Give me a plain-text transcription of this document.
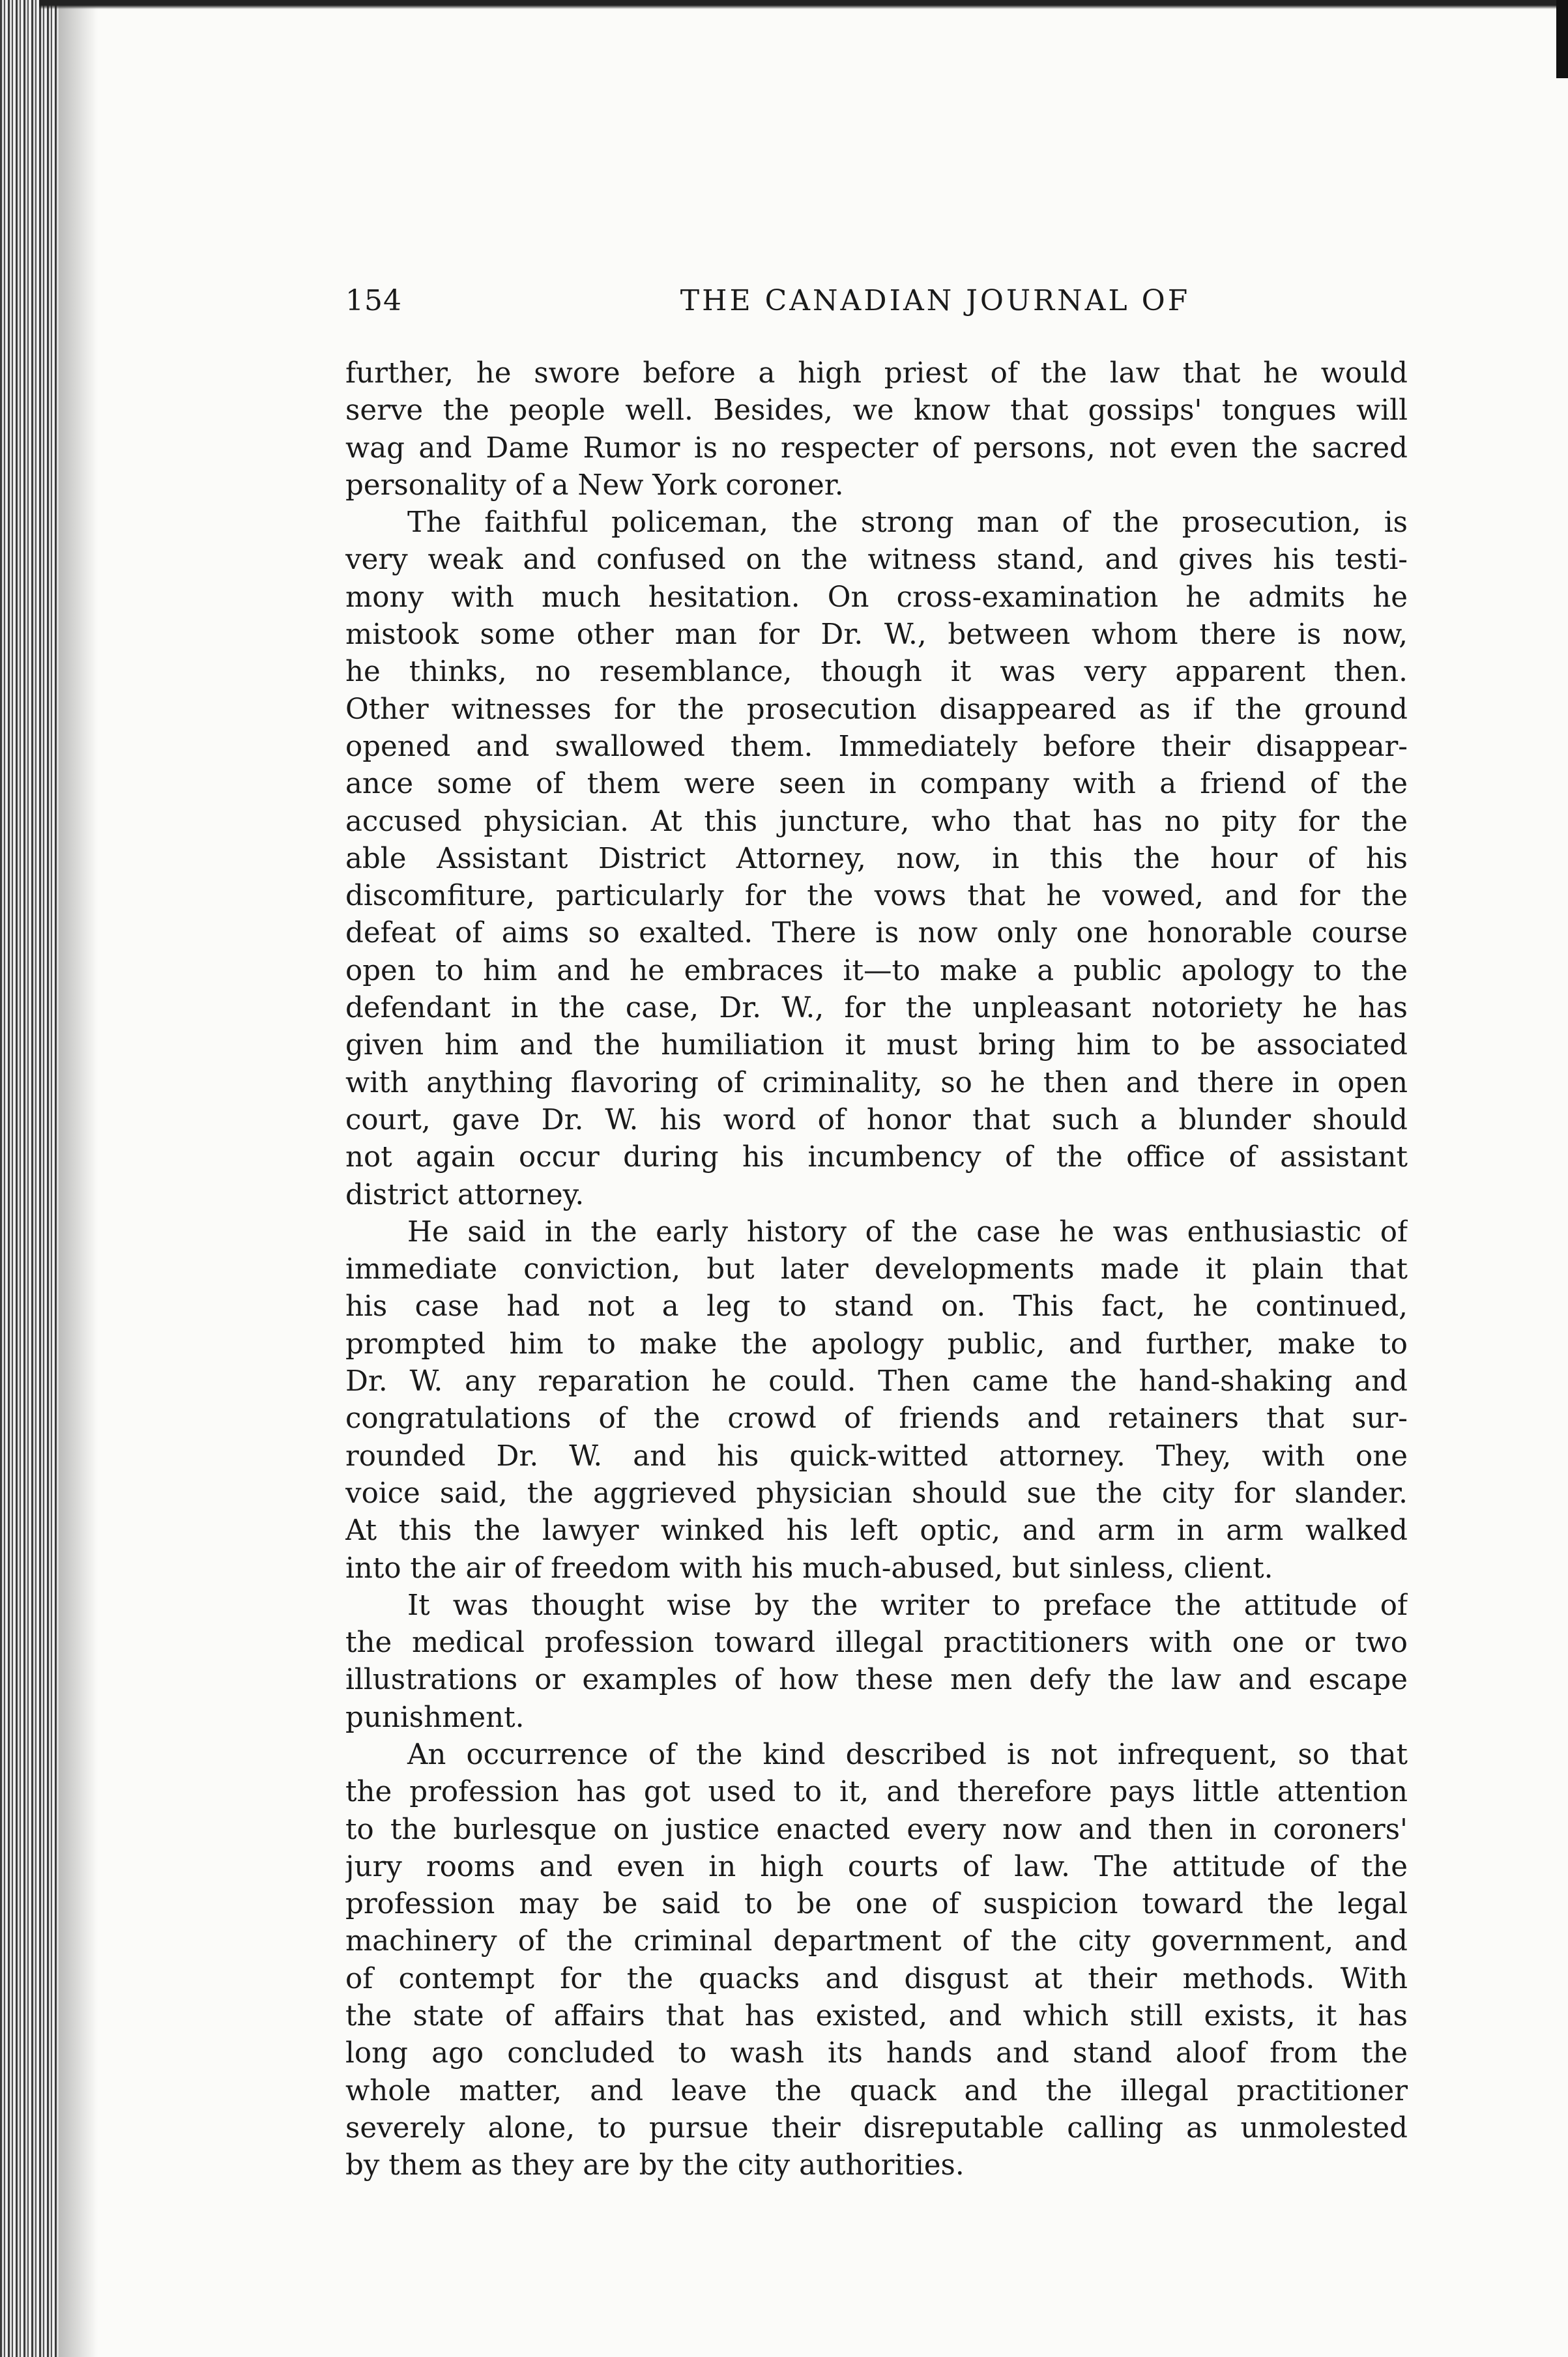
154	THE CANADIAN JOURNAL OF
further, he swore before a high priest of the law that he would
serve the people well. Besides, we know that gossips' tongues will
wag and Dame Rumor is no respecter of persons, not even the sacred
personality of a New York coroner.
The faithful policeman, the strong man of the prosecution, is
very weak and confused on the witness stand, and gives his testi-
mony with much hesitation. On cross-examination he admits he
mistook some other man for Dr. W., between whom there is now,
he thinks, no resemblance, though it was very apparent then.
Other witnesses for the prosecution disappeared as if the ground
opened and swallowed them. Immediately before their disappear-
ance some of them were seen in company with a friend of the
accused physician. At this juncture, who that has no pity for the
able Assistant District Attorney, now, in this the hour of his
discomfiture, particularly for the vows that he vowed, and for the
defeat of aims so exalted. There is now only one honorable course
open to him and he embraces it—to make a public apology to the
defendant in the case, Dr. W., for the unpleasant notoriety he has
given him and the humiliation it must bring him to be associated
with anything flavoring of criminality, so he then and there in open
court, gave Dr. W. his word of honor that such a blunder should
not again occur during his incumbency of the office of assistant
district attorney.
He said in the early history of the case he was enthusiastic of
immediate conviction, but later developments made it plain that
his case had not a leg to stand on. This fact, he continued,
prompted him to make the apology public, and further, make to
Dr. W. any reparation he could. Then came the hand-shaking and
congratulations of the crowd of friends and retainers that sur-
rounded Dr. W. and his quick-witted attorney. They, with one
voice said, the aggrieved physician should sue the city for slander.
At this the lawyer winked his left optic, and arm in arm walked
into the air of freedom with his much-abused, but sinless, client.
It was thought wise by the writer to preface the attitude of
the medical profession toward illegal practitioners with one or two
illustrations or examples of how these men defy the law and escape
punishment.
An occurrence of the kind described is not infrequent, so that
the profession has got used to it, and therefore pays little attention
to the burlesque on justice enacted every now and then in coroners'
jury rooms and even in high courts of law. The attitude of the
profession may be said to be one of suspicion toward the legal
machinery of the criminal department of the city government, and
of contempt for the quacks and disgust at their methods. With
the state of affairs that has existed, and which still exists, it has
long ago concluded to wash its hands and stand aloof from the
whole matter, and leave the quack and the illegal practitioner
severely alone, to pursue their disreputable calling as unmolested
by them as they are by the city authorities.
